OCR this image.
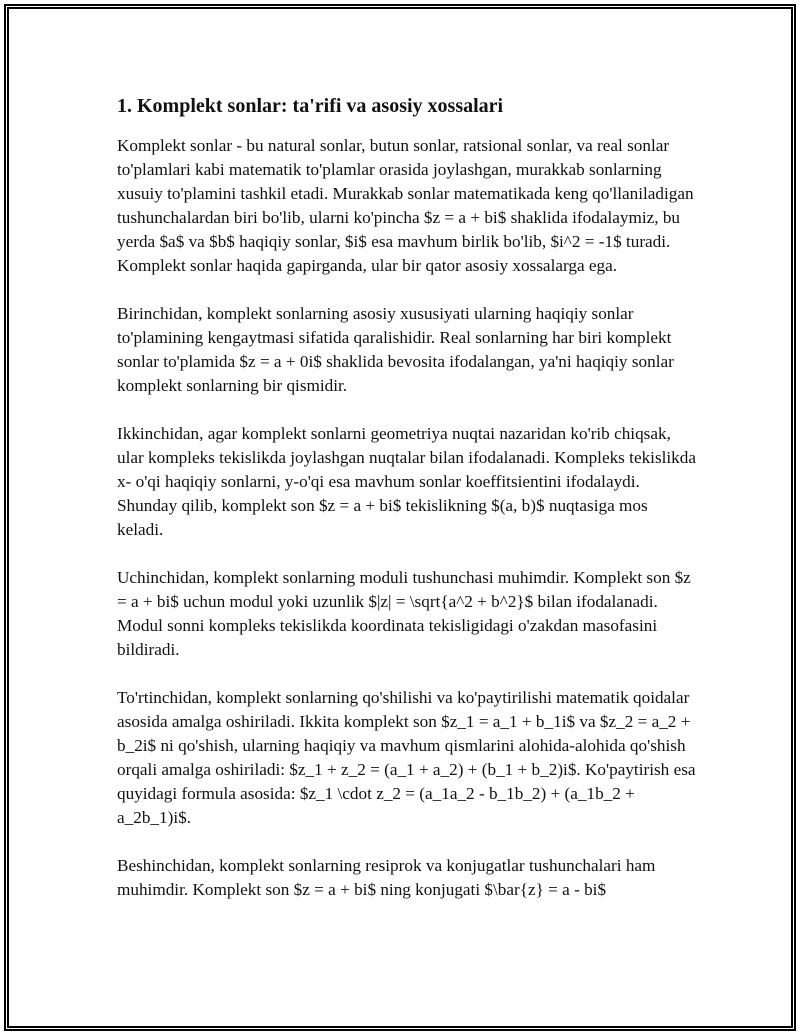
1. Komplekt sonlar: ta'rifi va asosiy xossalari

Komplekt sonlar - bu natural sonlar, butun sonlar, ratsional sonlar, va real sonlar to'plamlari kabi matematik to'plamlar orasida joylashgan, murakkab sonlarning xusuiy to'plamini tashkil etadi. Murakkab sonlar matematikada keng qo'llaniladigan tushunchalardan biri bo'lib, ularni ko'pincha $z = a + bi$ shaklida ifodalaymiz, bu yerda $a$ va $b$ haqiqiy sonlar, $i$ esa mavhum birlik bo'lib, $i^2 = -1$ turadi. Komplekt sonlar haqida gapirganda, ular bir qator asosiy xossalarga ega.

Birinchidan, komplekt sonlarning asosiy xususiyati ularning haqiqiy sonlar to'plamining kengaytmasi sifatida qaralishidir. Real sonlarning har biri komplekt sonlar to'plamida $z = a + 0i$ shaklida bevosita ifodalangan, ya'ni haqiqiy sonlar komplekt sonlarning bir qismidir.

Ikkinchidan, agar komplekt sonlarni geometriya nuqtai nazaridan ko'rib chiqsak, ular kompleks tekislikda joylashgan nuqtalar bilan ifodalanadi. Kompleks tekislikda x- o'qi haqiqiy sonlarni, y-o'qi esa mavhum sonlar koeffitsientini ifodalaydi. Shunday qilib, komplekt son $z = a + bi$ tekislikning $(a, b)$ nuqtasiga mos keladi.

Uchinchidan, komplekt sonlarning moduli tushunchasi muhimdir. Komplekt son $z = a + bi$ uchun modul yoki uzunlik $|z| = \sqrt{a^2 + b^2}$ bilan ifodalanadi. Modul sonni kompleks tekislikda koordinata tekisligidagi o'zakdan masofasini bildiradi.

To'rtinchidan, komplekt sonlarning qo'shilishi va ko'paytirilishi matematik qoidalar asosida amalga oshiriladi. Ikkita komplekt son $z_1 = a_1 + b_1i$ va $z_2 = a_2 + b_2i$ ni qo'shish, ularning haqiqiy va mavhum qismlarini alohida-alohida qo'shish orqali amalga oshiriladi: $z_1 + z_2 = (a_1 + a_2) + (b_1 + b_2)i$. Ko'paytirish esa quyidagi formula asosida: $z_1 \cdot z_2 = (a_1a_2 - b_1b_2) + (a_1b_2 + a_2b_1)i$.

Beshinchidan, komplekt sonlarning resiprok va konjugatlar tushunchalari ham muhimdir. Komplekt son $z = a + bi$ ning konjugati $\bar{z} = a - bi$
